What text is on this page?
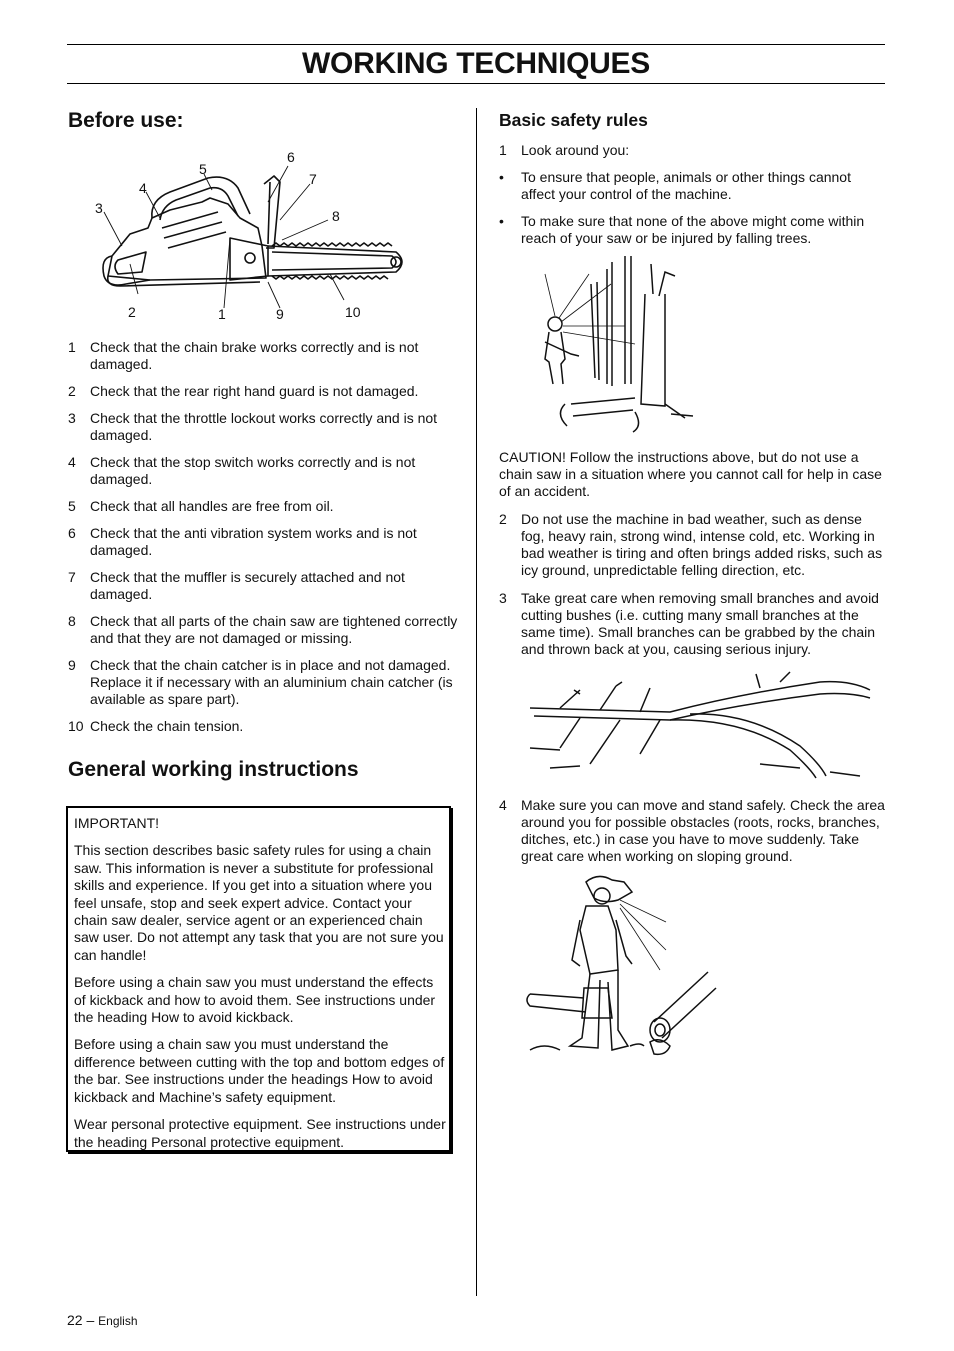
WORKING TECHNIQUES
Before use:
2	1
3
4
5
6
7
8
9	10
1 Check that the chain brake works correctly and is not damaged.
2 Check that the rear right hand guard is not damaged.
3 Check that the throttle lockout works correctly and is not damaged.
4 Check that the stop switch works correctly and is not damaged.
5 Check that all handles are free from oil.
6 Check that the anti vibration system works and is not damaged.
7 Check that the muffler is securely attached and not damaged.
8 Check that all parts of the chain saw are tightened correctly and that they are not damaged or missing.
9 Check that the chain catcher is in place and not damaged. Replace it if necessary with an aluminium chain catcher (is available as spare part).
10 Check the chain tension.
General working instructions

IMPORTANT!

This section describes basic safety rules for using a chain saw. This information is never a substitute for professional skills and experience. If you get into a situation where you feel unsafe, stop and seek expert advice. Contact your chain saw dealer, service agent or an experienced chain saw user. Do not attempt any task that you are not sure you can handle!

Before using a chain saw you must understand the effects of kickback and how to avoid them. See instructions under the heading How to avoid kickback.

Before using a chain saw you must understand the difference between cutting with the top and bottom edges of the bar. See instructions under the headings How to avoid kickback and Machine’s safety equipment.

Wear personal protective equipment. See instructions under the heading Personal protective equipment.

Basic safety rules
1 Look around you:
• To ensure that people, animals or other things cannot affect your control of the machine.
• To make sure that none of the above might come within reach of your saw or be injured by falling trees.

CAUTION! Follow the instructions above, but do not use a chain saw in a situation where you cannot call for help in case of an accident.

2 Do not use the machine in bad weather, such as dense fog, heavy rain, strong wind, intense cold, etc. Working in bad weather is tiring and often brings added risks, such as icy ground, unpredictable felling direction, etc.
3 Take great care when removing small branches and avoid cutting bushes (i.e. cutting many small branches at the same time). Small branches can be grabbed by the chain and thrown back at you, causing serious injury.
4 Make sure you can move and stand safely. Check the area around you for possible obstacles (roots, rocks, branches, ditches, etc.) in case you have to move suddenly. Take great care when working on sloping ground.
22 – English
